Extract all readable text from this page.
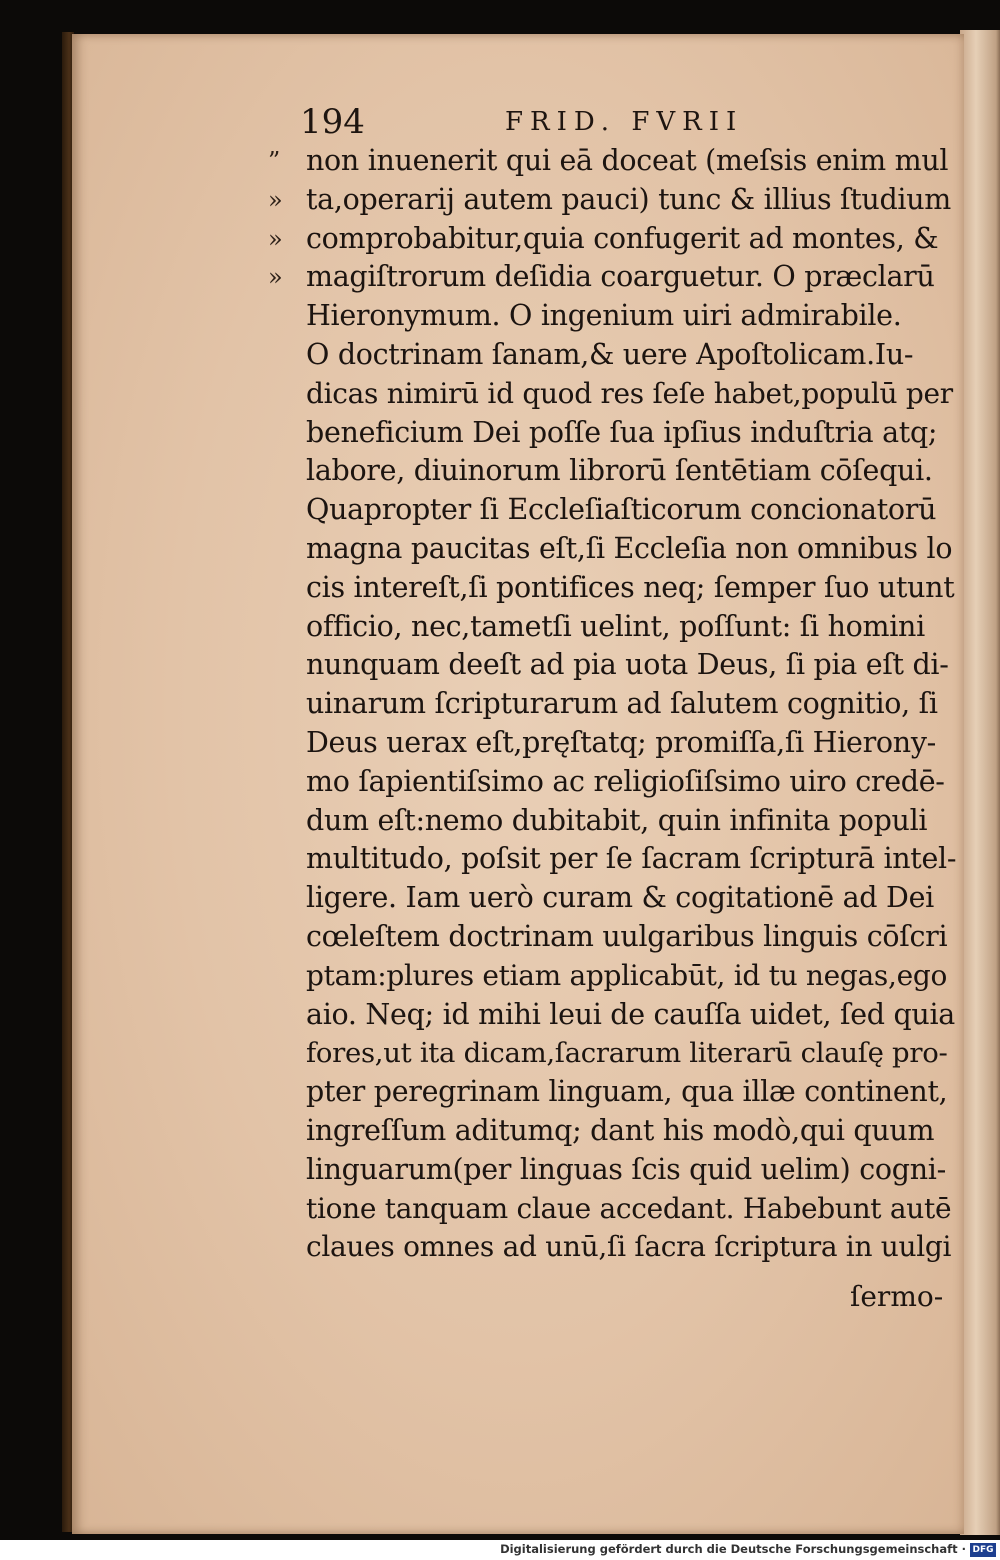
194	FRID. FVRII
” non inuenerit qui eā doceat (meſsis enim mul
» ta,operarij autem pauci) tunc & illius ſtudium
» comprobabitur,quia confugerit ad montes, &
» magiſtrorum deſidia coarguetur. O præclarū
Hieronymum. O ingenium uiri admirabile.
O doctrinam ſanam,& uere Apoſtolicam.Iu-
dicas nimirū id quod res ſeſe habet,populū per
beneficium Dei poſſe ſua ipſius induſtria atq;
labore, diuinorum librorū ſentētiam cōſequi.
Quapropter ſi Eccleſiaſticorum concionatorū
magna paucitas eſt,ſi Eccleſia non omnibus lo
cis intereſt,ſi pontifices neq; ſemper ſuo utunt
officio, nec,tametſi uelint, poſſunt: ſi homini
nunquam deeſt ad pia uota Deus, ſi pia eſt di-
uinarum ſcripturarum ad ſalutem cognitio, ſi
Deus uerax eſt,pręſtatq; promiſſa,ſi Hierony-
mo ſapientiſsimo ac religioſiſsimo uiro credē-
dum eſt:nemo dubitabit, quin infinita populi
multitudo, poſsit per ſe ſacram ſcripturā intel-
ligere. Iam uerò curam & cogitationē ad Dei
cœleſtem doctrinam uulgaribus linguis cōſcri
ptam:plures etiam applicabūt, id tu negas,ego
aio. Neq; id mihi leui de cauſſa uidet, ſed quia
fores,ut ita dicam,ſacrarum literarū clauſę pro-
pter peregrinam linguam, qua illæ continent,
ingreſſum aditumq; dant his modò,qui quum
linguarum(per linguas ſcis quid uelim) cogni-
tione tanquam claue accedant. Habebunt autē
claues omnes ad unū,ſi ſacra ſcriptura in uulgi
ſermo-
Digitalisierung gefördert durch die Deutsche Forschungsgemeinschaft · DFG
